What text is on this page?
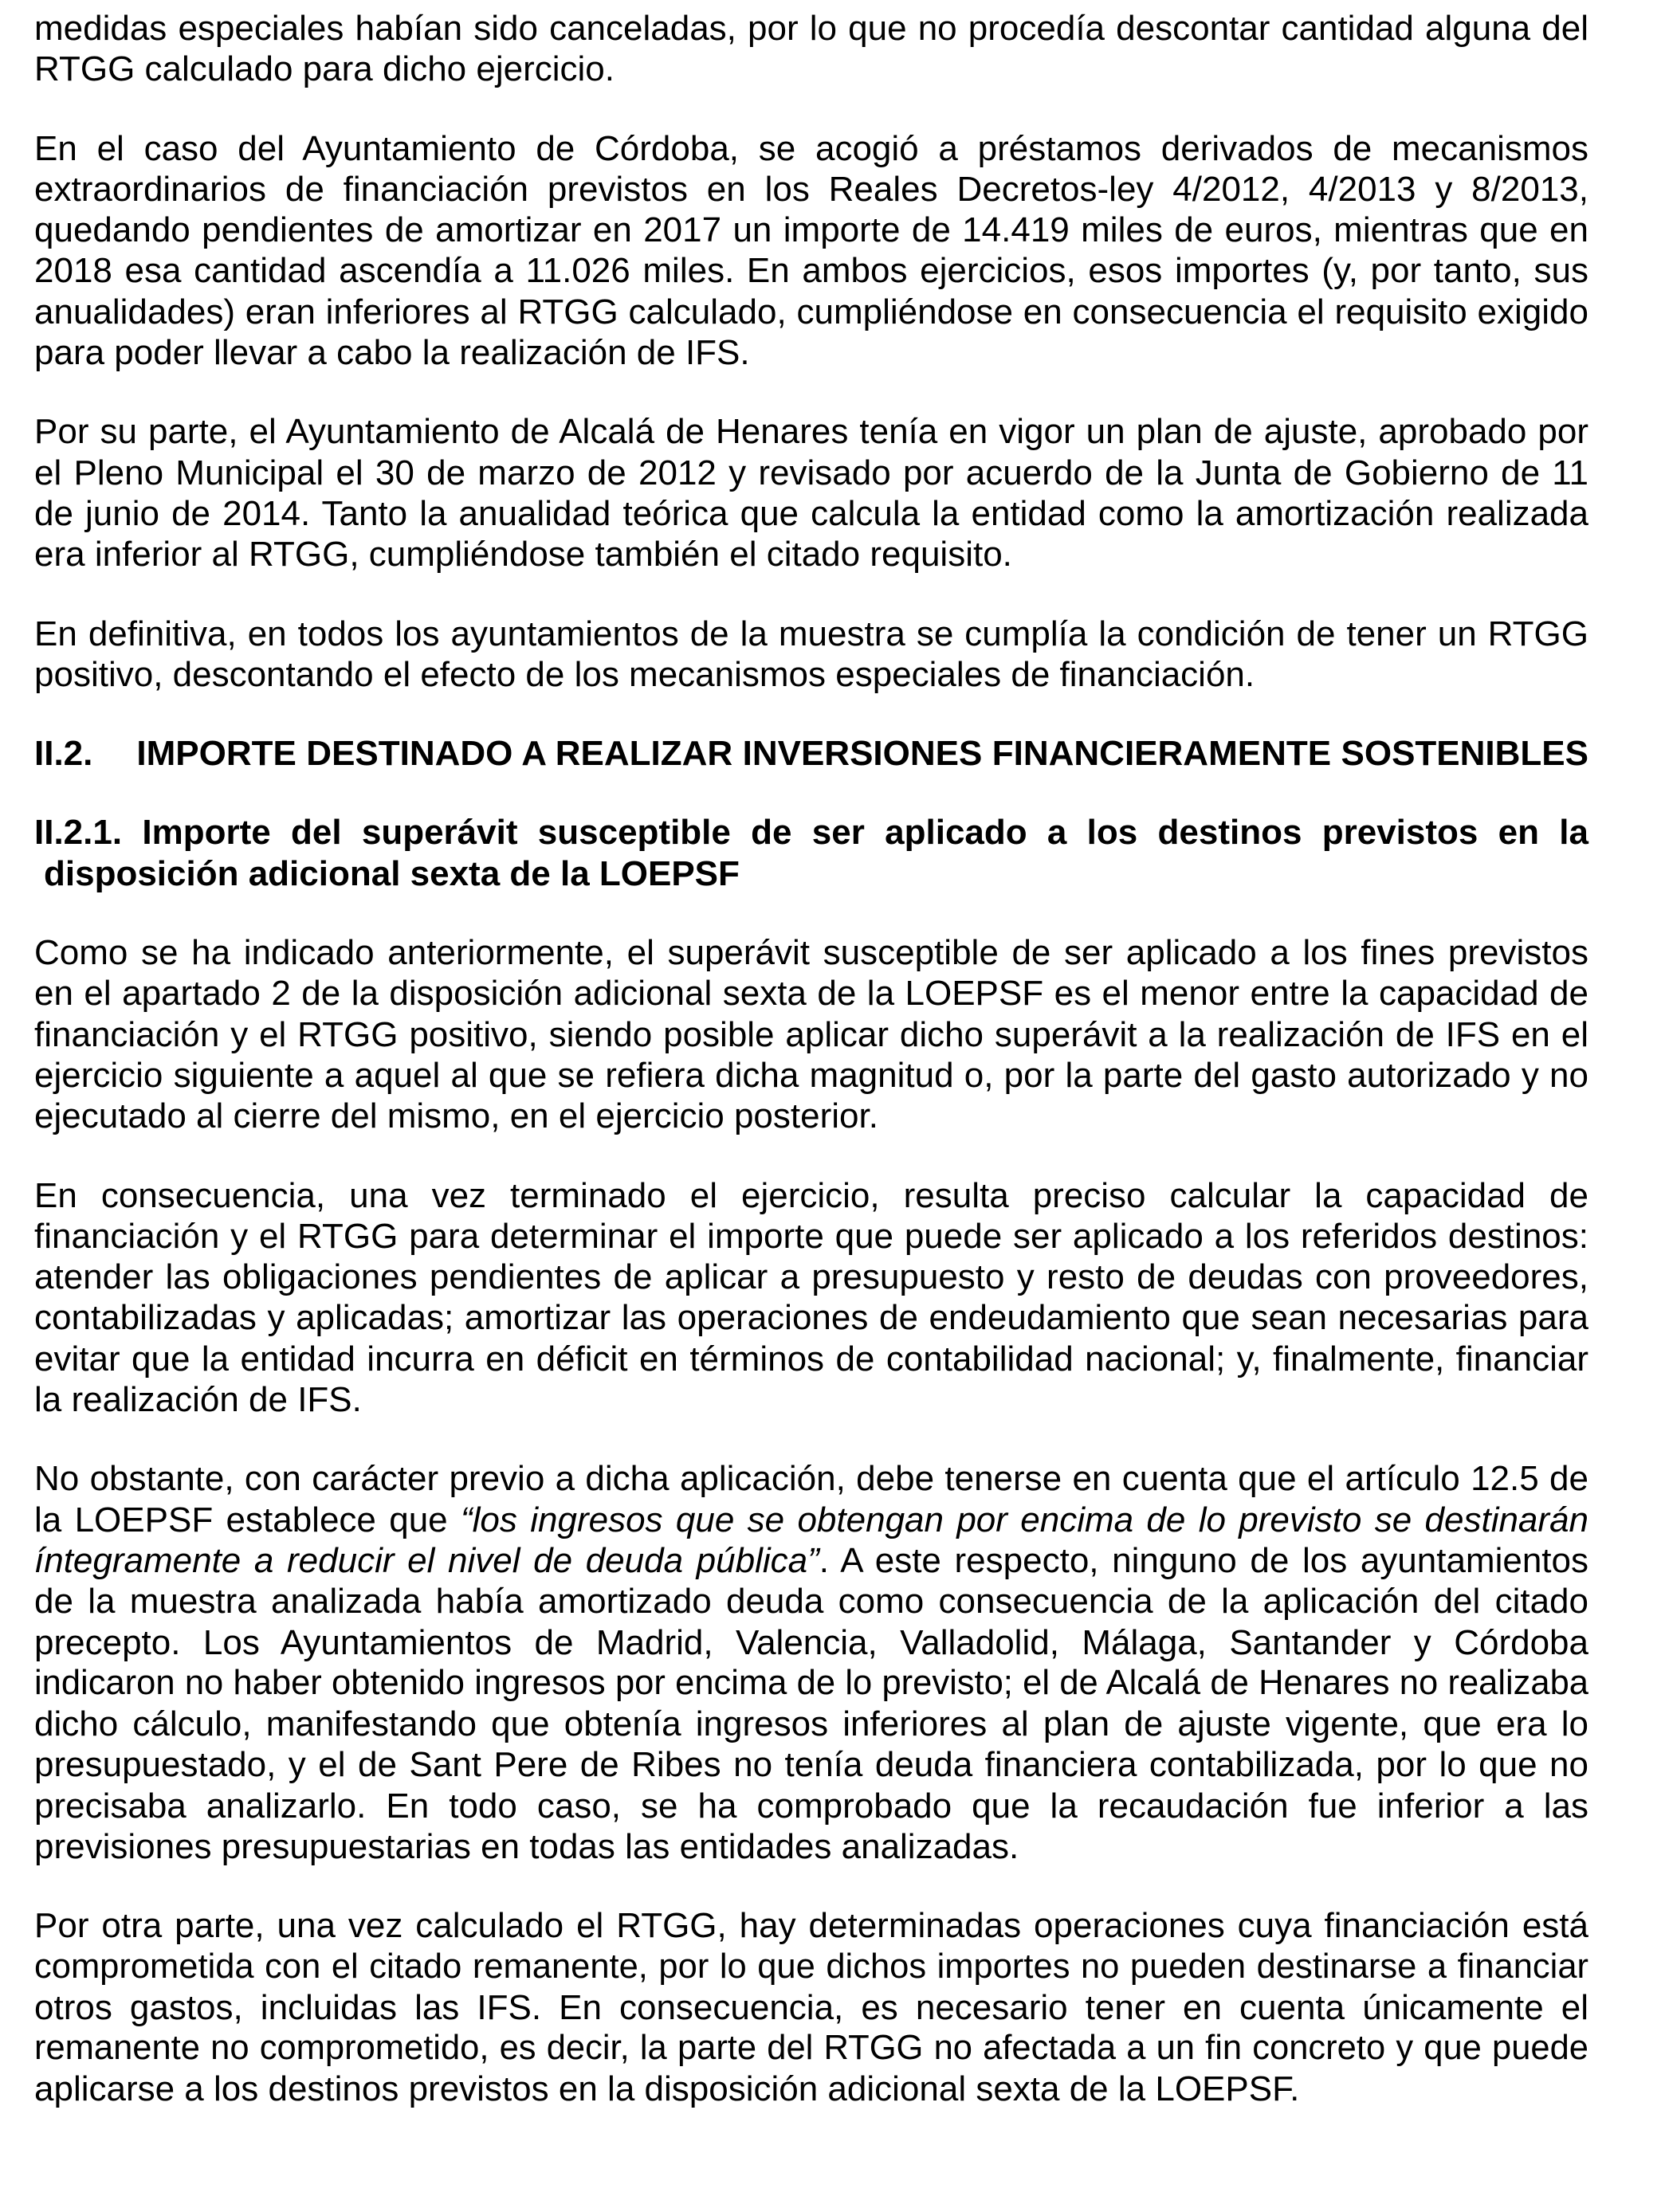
medidas especiales habían sido canceladas, por lo que no procedía descontar cantidad alguna del
RTGG calculado para dicho ejercicio.
En el caso del Ayuntamiento de Córdoba, se acogió a préstamos derivados de mecanismos
extraordinarios de financiación previstos en los Reales Decretos-ley 4/2012, 4/2013 y 8/2013,
quedando pendientes de amortizar en 2017 un importe de 14.419 miles de euros, mientras que en
2018 esa cantidad ascendía a 11.026 miles. En ambos ejercicios, esos importes (y, por tanto, sus
anualidades) eran inferiores al RTGG calculado, cumpliéndose en consecuencia el requisito exigido
para poder llevar a cabo la realización de IFS.
Por su parte, el Ayuntamiento de Alcalá de Henares tenía en vigor un plan de ajuste, aprobado por
el Pleno Municipal el 30 de marzo de 2012 y revisado por acuerdo de la Junta de Gobierno de 11
de junio de 2014. Tanto la anualidad teórica que calcula la entidad como la amortización realizada
era inferior al RTGG, cumpliéndose también el citado requisito.
En definitiva, en todos los ayuntamientos de la muestra se cumplía la condición de tener un RTGG
positivo, descontando el efecto de los mecanismos especiales de financiación.
II.2. IMPORTE DESTINADO A REALIZAR INVERSIONES FINANCIERAMENTE SOSTENIBLES
II.2.1. Importe del superávit susceptible de ser aplicado a los destinos previstos en la
disposición adicional sexta de la LOEPSF
Como se ha indicado anteriormente, el superávit susceptible de ser aplicado a los fines previstos
en el apartado 2 de la disposición adicional sexta de la LOEPSF es el menor entre la capacidad de
financiación y el RTGG positivo, siendo posible aplicar dicho superávit a la realización de IFS en el
ejercicio siguiente a aquel al que se refiera dicha magnitud o, por la parte del gasto autorizado y no
ejecutado al cierre del mismo, en el ejercicio posterior.
En consecuencia, una vez terminado el ejercicio, resulta preciso calcular la capacidad de
financiación y el RTGG para determinar el importe que puede ser aplicado a los referidos destinos:
atender las obligaciones pendientes de aplicar a presupuesto y resto de deudas con proveedores,
contabilizadas y aplicadas; amortizar las operaciones de endeudamiento que sean necesarias para
evitar que la entidad incurra en déficit en términos de contabilidad nacional; y, finalmente, financiar
la realización de IFS.
No obstante, con carácter previo a dicha aplicación, debe tenerse en cuenta que el artículo 12.5 de
la LOEPSF establece que “los ingresos que se obtengan por encima de lo previsto se destinarán
íntegramente a reducir el nivel de deuda pública”. A este respecto, ninguno de los ayuntamientos
de la muestra analizada había amortizado deuda como consecuencia de la aplicación del citado
precepto. Los Ayuntamientos de Madrid, Valencia, Valladolid, Málaga, Santander y Córdoba
indicaron no haber obtenido ingresos por encima de lo previsto; el de Alcalá de Henares no realizaba
dicho cálculo, manifestando que obtenía ingresos inferiores al plan de ajuste vigente, que era lo
presupuestado, y el de Sant Pere de Ribes no tenía deuda financiera contabilizada, por lo que no
precisaba analizarlo. En todo caso, se ha comprobado que la recaudación fue inferior a las
previsiones presupuestarias en todas las entidades analizadas.
Por otra parte, una vez calculado el RTGG, hay determinadas operaciones cuya financiación está
comprometida con el citado remanente, por lo que dichos importes no pueden destinarse a financiar
otros gastos, incluidas las IFS. En consecuencia, es necesario tener en cuenta únicamente el
remanente no comprometido, es decir, la parte del RTGG no afectada a un fin concreto y que puede
aplicarse a los destinos previstos en la disposición adicional sexta de la LOEPSF.
